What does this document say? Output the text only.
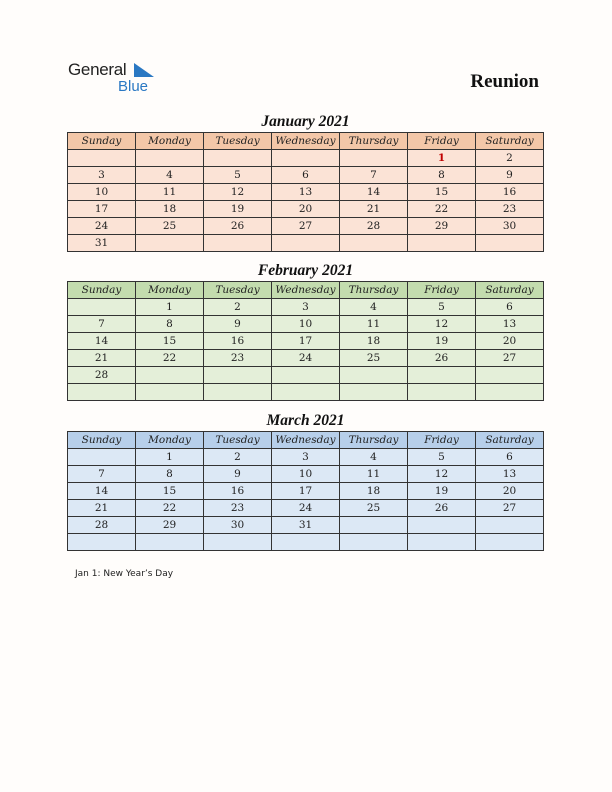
General
Blue	Reunion
January 2021
Sunday	Monday	Tuesday	Wednesday	Thursday	Friday	Saturday
					1	2
3	4	5	6	7	8	9
10	11	12	13	14	15	16
17	18	19	20	21	22	23
24	25	26	27	28	29	30
31						
February 2021
Sunday	Monday	Tuesday	Wednesday	Thursday	Friday	Saturday
	1	2	3	4	5	6
7	8	9	10	11	12	13
14	15	16	17	18	19	20
21	22	23	24	25	26	27
28						

March 2021
Sunday	Monday	Tuesday	Wednesday	Thursday	Friday	Saturday
	1	2	3	4	5	6
7	8	9	10	11	12	13
14	15	16	17	18	19	20
21	22	23	24	25	26	27
28	29	30	31			

Jan 1: New Year’s Day
